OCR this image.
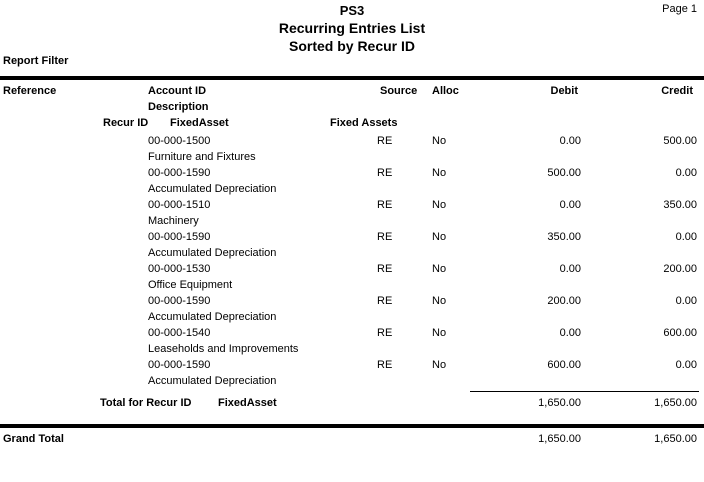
PS3
Recurring Entries List
Sorted by Recur ID
Page 1
Report Filter
Reference	Account ID	Source Alloc	Debit	Credit
Description
Recur ID FixedAsset	Fixed Assets
00-000-1500	RE	No	0.00	500.00
Furniture and Fixtures
00-000-1590	RE	No	500.00	0.00
Accumulated Depreciation
00-000-1510	RE	No	0.00	350.00
Machinery
00-000-1590	RE	No	350.00	0.00
Accumulated Depreciation
00-000-1530	RE	No	0.00	200.00
Office Equipment
00-000-1590	RE	No	200.00	0.00
Accumulated Depreciation
00-000-1540	RE	No	0.00	600.00
Leaseholds and Improvements
00-000-1590	RE	No	600.00	0.00
Accumulated Depreciation
Total for Recur ID FixedAsset	1,650.00	1,650.00
Grand Total	1,650.00	1,650.00
